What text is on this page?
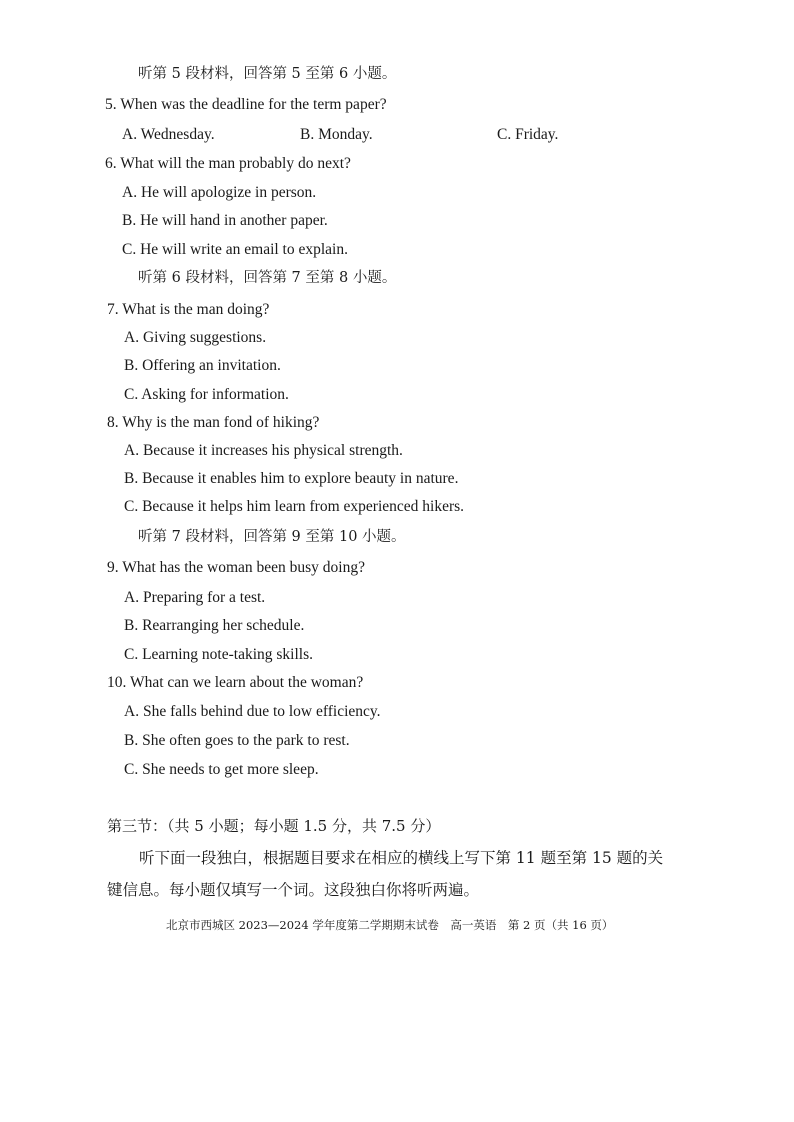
听第 5 段材料，回答第 5 至第 6 小题。
5. When was the deadline for the term paper?
A. Wednesday.	B. Monday.	C. Friday.
6. What will the man probably do next?
A. He will apologize in person.
B. He will hand in another paper.
C. He will write an email to explain.
听第 6 段材料，回答第 7 至第 8 小题。
7. What is the man doing?
A. Giving suggestions.
B. Offering an invitation.
C. Asking for information.
8. Why is the man fond of hiking?
A. Because it increases his physical strength.
B. Because it enables him to explore beauty in nature.
C. Because it helps him learn from experienced hikers.
听第 7 段材料，回答第 9 至第 10 小题。
9. What has the woman been busy doing?
A. Preparing for a test.
B. Rearranging her schedule.
C. Learning note-taking skills.
10. What can we learn about the woman?
A. She falls behind due to low efficiency.
B. She often goes to the park to rest.
C. She needs to get more sleep.
第三节：（共 5 小题；每小题 1.5 分，共 7.5 分）
听下面一段独白，根据题目要求在相应的横线上写下第 11 题至第 15 题的关
键信息。每小题仅填写一个词。这段独白你将听两遍。
北京市西城区 2023—2024 学年度第二学期期末试卷　高一英语　第 2 页（共 16 页）
